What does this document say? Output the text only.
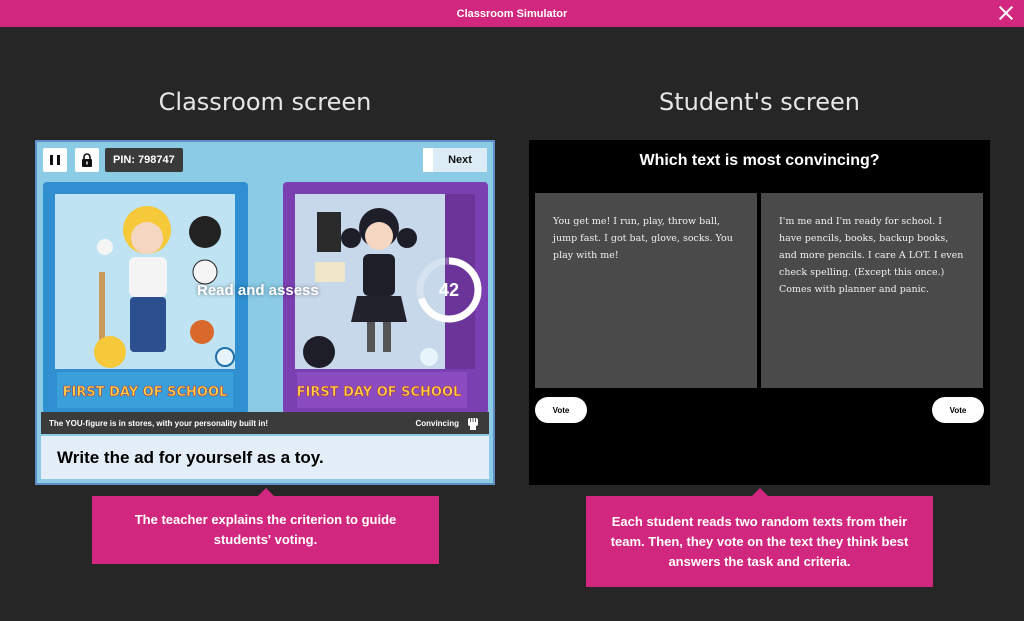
Classroom Simulator
Classroom screen	Student's screen
FIRST DAY OF SCHOOL	FIRST DAY OF SCHOOL
PIN: 798747	Next
Read and assess	42
The YOU-figure is in stores, with your personality built in!	Convincing
Write the ad for yourself as a toy.
Which text is most convincing?
You get me! I run, play, throw ball, jump fast. I got bat, glove, socks. You play with me!
I'm me and I'm ready for school. I have pencils, books, backup books, and more pencils. I care A LOT. I even check spelling. (Except this once.) Comes with planner and panic.
Vote	Vote
The teacher explains the criterion to guide students' voting.
Each student reads two random texts from their team. Then, they vote on the text they think best answers the task and criteria.
